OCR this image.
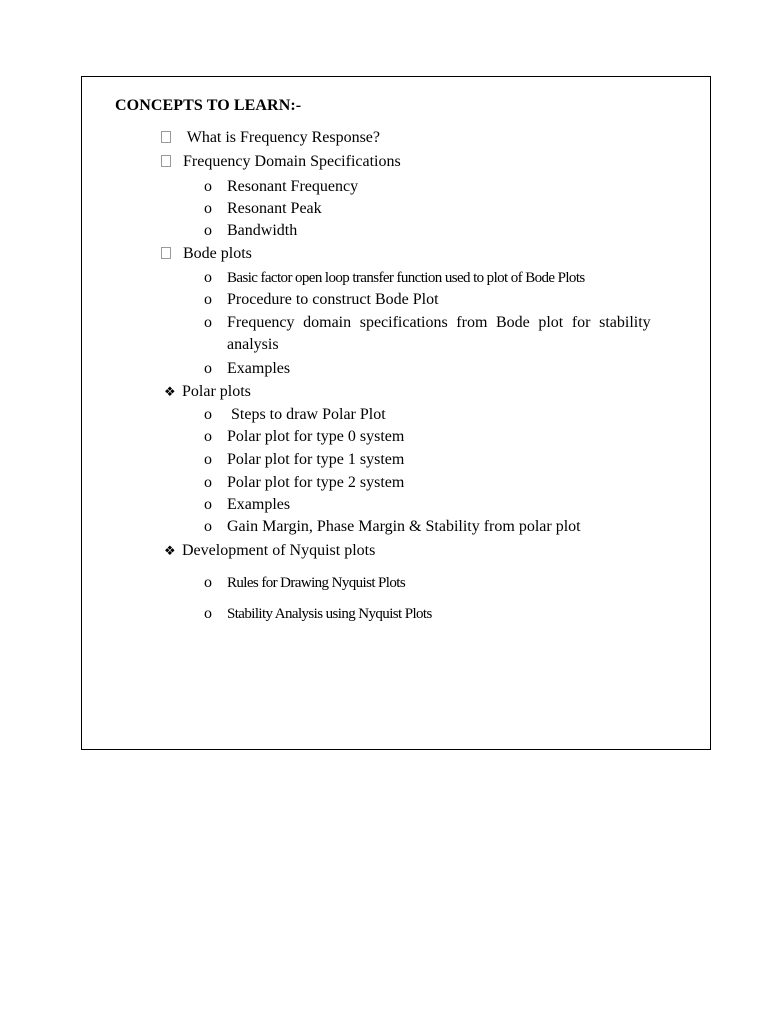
CONCEPTS TO LEARN:-
What is Frequency Response?
Frequency Domain Specifications
o Resonant Frequency
o Resonant Peak
o Bandwidth
Bode plots
o Basic factor open loop transfer function used to plot of Bode Plots
o Procedure to construct Bode Plot
o Frequency domain specifications from Bode plot for stability
analysis
o Examples
❖ Polar plots
o Steps to draw Polar Plot
o Polar plot for type 0 system
o Polar plot for type 1 system
o Polar plot for type 2 system
o Examples
o Gain Margin, Phase Margin & Stability from polar plot
❖ Development of Nyquist plots
o Rules for Drawing Nyquist Plots
o Stability Analysis using Nyquist Plots
